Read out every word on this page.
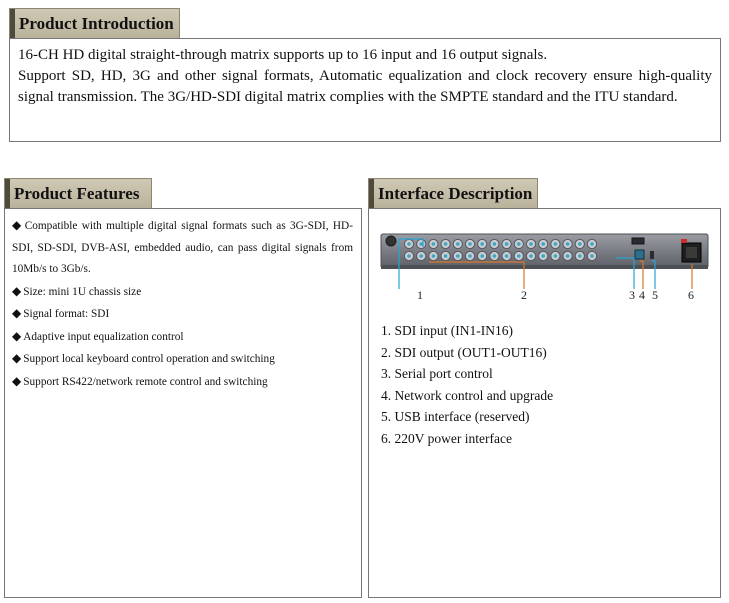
Product Introduction

16-CH HD digital straight-through matrix supports up to 16 input and 16 output signals.

Support SD, HD, 3G and other signal formats, Automatic equalization and clock recovery ensure high-quality signal transmission. The 3G/HD-SDI digital matrix complies with the SMPTE standard and the ITU standard.

Product Features
◆ Compatible with multiple digital signal formats such as 3G-SDI, HD-SDI, SD-SDI, DVB-ASI, embedded audio, can pass digital signals from 10Mb/s to 3Gb/s.
◆ Size: mini 1U chassis size
◆ Signal format: SDI
◆ Adaptive input equalization control
◆ Support local keyboard control operation and switching
◆ Support RS422/network remote control and switching
Interface Description
1	2	3 4 5	6
1. SDI input (IN1-IN16)
2. SDI output (OUT1-OUT16)
3. Serial port control
4. Network control and upgrade
5. USB interface (reserved)
6. 220V power interface
